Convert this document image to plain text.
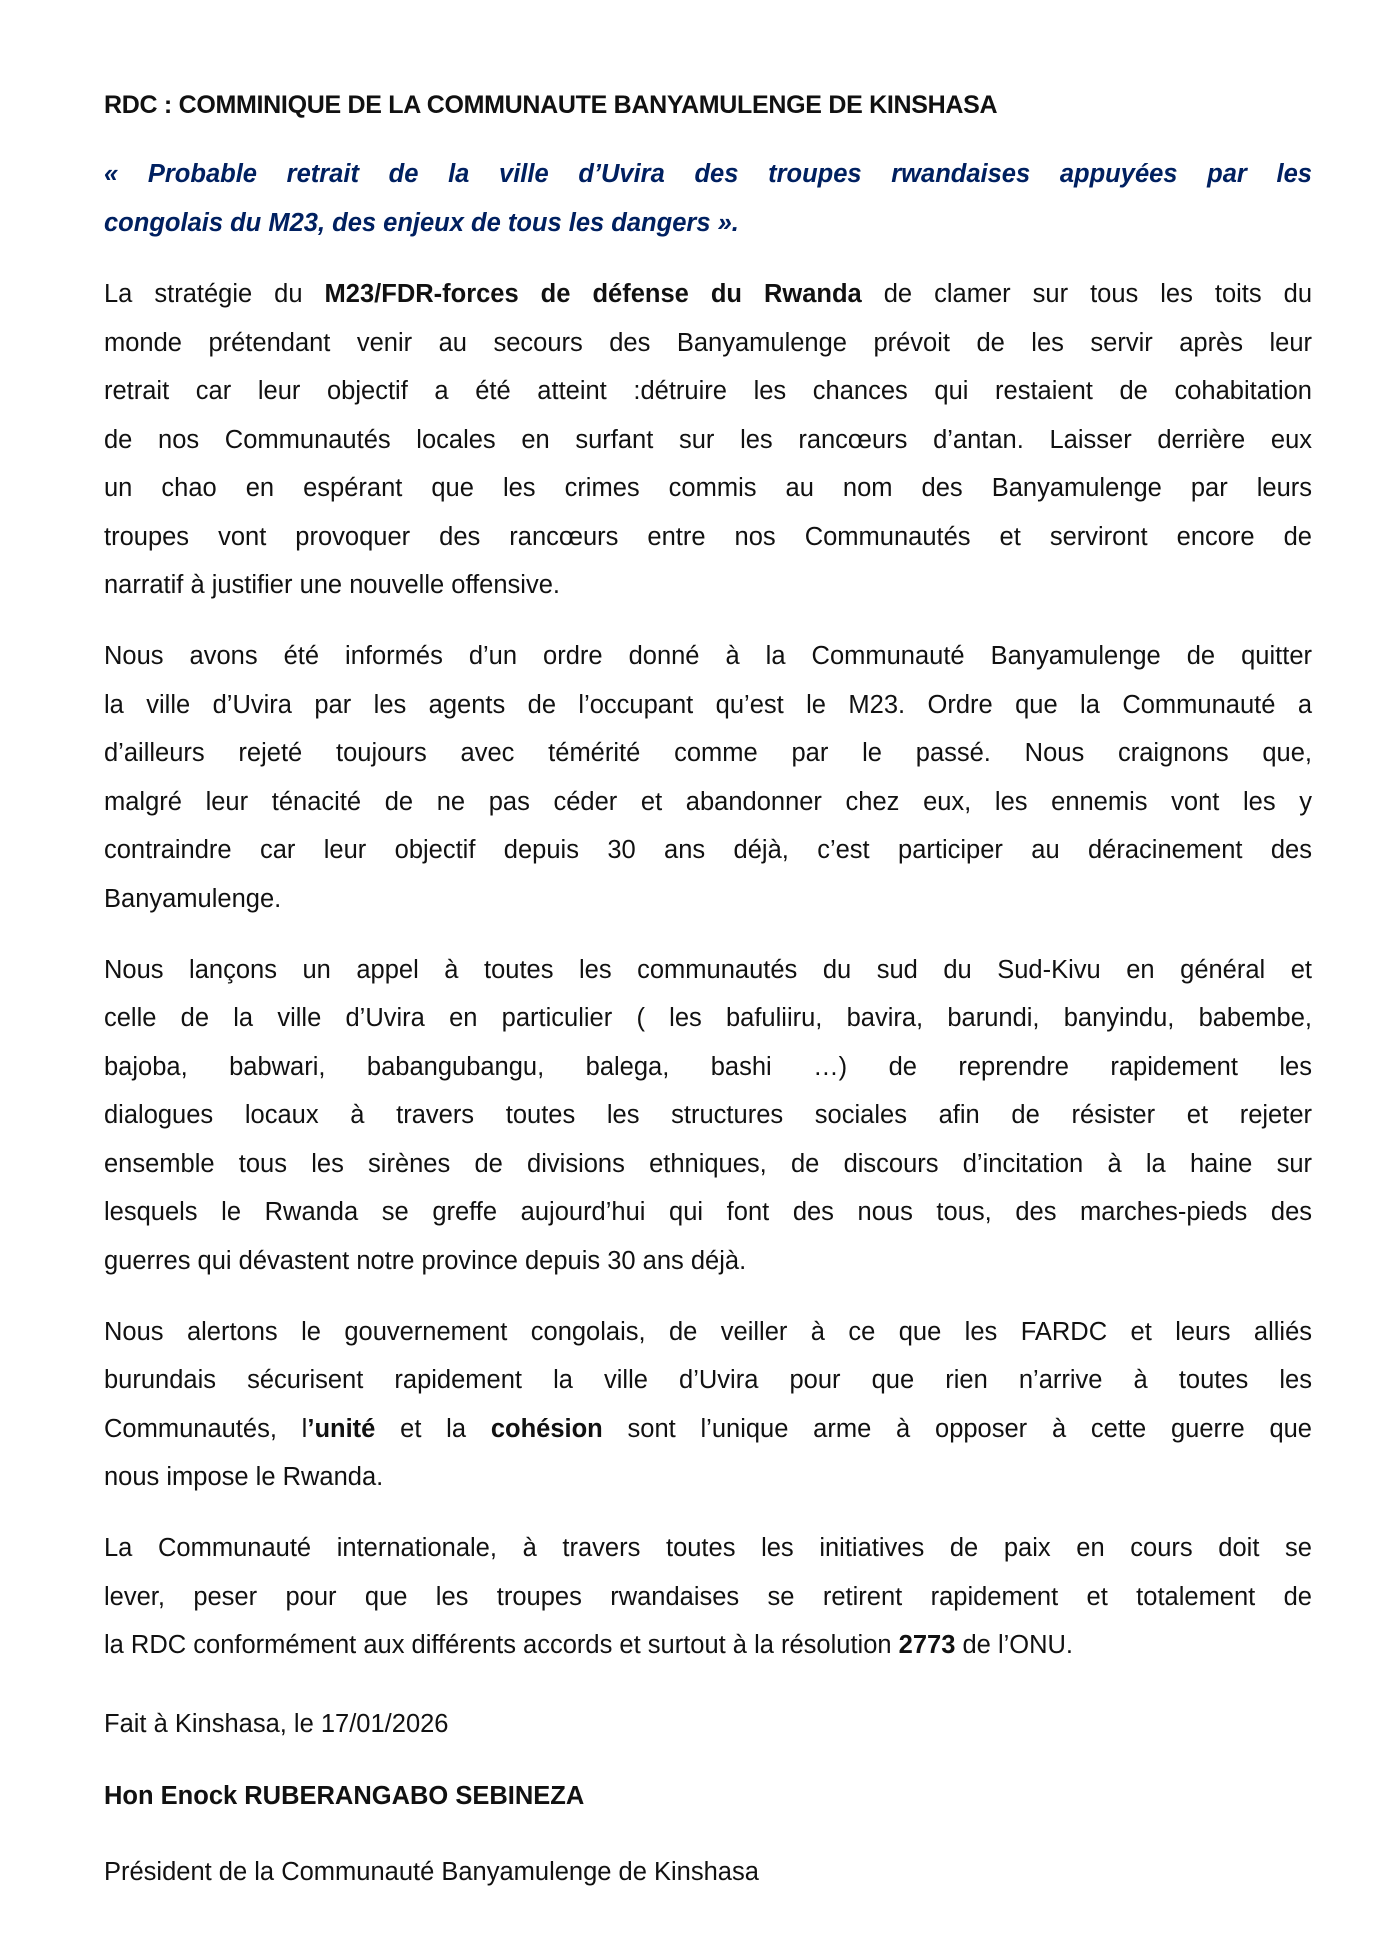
RDC : COMMINIQUE DE LA COMMUNAUTE BANYAMULENGE DE KINSHASA
« Probable retrait de la ville d’Uvira des troupes rwandaises appuyées par les
congolais du M23, des enjeux de tous les dangers ».
La stratégie du M23/FDR-forces de défense du Rwanda de clamer sur tous les toits du
monde prétendant venir au secours des Banyamulenge prévoit de les servir après leur
retrait car leur objectif a été atteint :détruire les chances qui restaient de cohabitation
de nos Communautés locales en surfant sur les rancœurs d’antan. Laisser derrière eux
un chao en espérant que les crimes commis au nom des Banyamulenge par leurs
troupes vont provoquer des rancœurs entre nos Communautés et serviront encore de
narratif à justifier une nouvelle offensive.
Nous avons été informés d’un ordre donné à la Communauté Banyamulenge de quitter
la ville d’Uvira par les agents de l’occupant qu’est le M23. Ordre que la Communauté a
d’ailleurs rejeté toujours avec témérité comme par le passé. Nous craignons que,
malgré leur ténacité de ne pas céder et abandonner chez eux, les ennemis vont les y
contraindre car leur objectif depuis 30 ans déjà, c’est participer au déracinement des
Banyamulenge.
Nous lançons un appel à toutes les communautés du sud du Sud-Kivu en général et
celle de la ville d’Uvira en particulier ( les bafuliiru, bavira, barundi, banyindu, babembe,
bajoba, babwari, babangubangu, balega, bashi …) de reprendre rapidement les
dialogues locaux à travers toutes les structures sociales afin de résister et rejeter
ensemble tous les sirènes de divisions ethniques, de discours d’incitation à la haine sur
lesquels le Rwanda se greffe aujourd’hui qui font des nous tous, des marches-pieds des
guerres qui dévastent notre province depuis 30 ans déjà.
Nous alertons le gouvernement congolais, de veiller à ce que les FARDC et leurs alliés
burundais sécurisent rapidement la ville d’Uvira pour que rien n’arrive à toutes les
Communautés, l’unité et la cohésion sont l’unique arme à opposer à cette guerre que
nous impose le Rwanda.
La Communauté internationale, à travers toutes les initiatives de paix en cours doit se
lever, peser pour que les troupes rwandaises se retirent rapidement et totalement de
la RDC conformément aux différents accords et surtout à la résolution 2773 de l’ONU.
Fait à Kinshasa, le 17/01/2026
Hon Enock RUBERANGABO SEBINEZA
Président de la Communauté Banyamulenge de Kinshasa
